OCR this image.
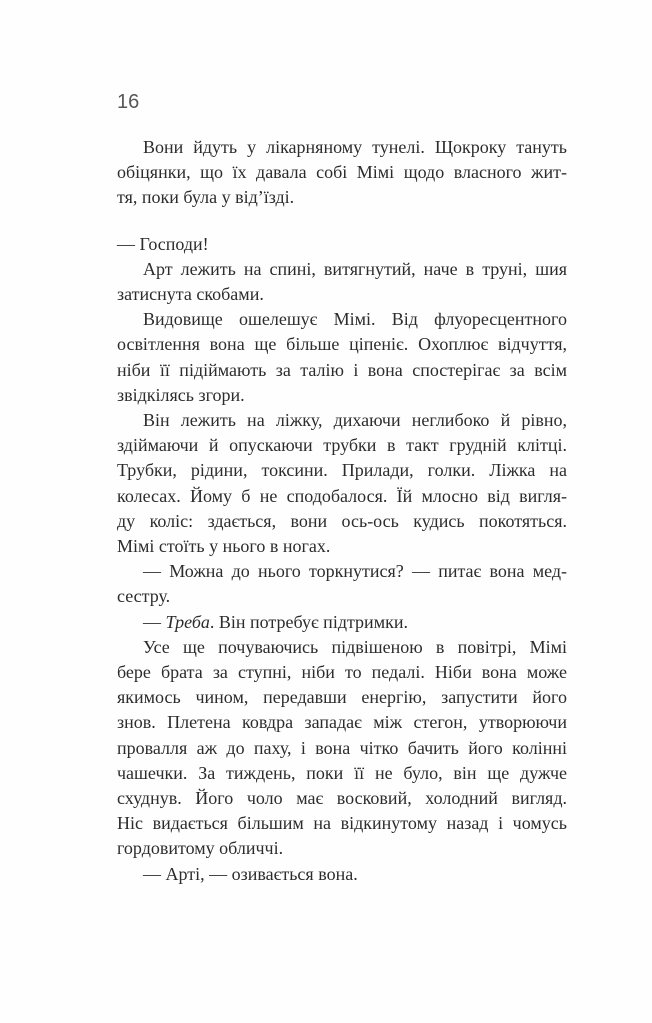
16
Вони йдуть у лікарняному тунелі. Щокроку тануть
обіцянки, що їх давала собі Мімі щодо власного жит-
тя, поки була у від’їзді.
— Господи!
Арт лежить на спині, витягнутий, наче в труні, шия
затиснута скобами.
Видовище ошелешує Мімі. Від флуоресцентного
освітлення вона ще більше ціпеніє. Охоплює відчуття,
ніби її підіймають за талію і вона спостерігає за всім
звідкілясь згори.
Він лежить на ліжку, дихаючи неглибоко й рівно,
здіймаючи й опускаючи трубки в такт грудній клітці.
Трубки, рідини, токсини. Прилади, голки. Ліжка на
колесах. Йому б не сподобалося. Їй млосно від вигля-
ду коліс: здається, вони ось-ось кудись покотяться.
Мімі стоїть у нього в ногах.
— Можна до нього торкнутися? — питає вона мед-
сестру.
— Треба. Він потребує підтримки.
Усе ще почуваючись підвішеною в повітрі, Мімі
бере брата за ступні, ніби то педалі. Ніби вона може
якимось чином, передавши енергію, запустити його
знов. Плетена ковдра западає між стегон, утворюючи
провалля аж до паху, і вона чітко бачить його колінні
чашечки. За тиждень, поки її не було, він ще дужче
схуднув. Його чоло має восковий, холодний вигляд.
Ніс видається більшим на відкинутому назад і чомусь
гордовитому обличчі.
— Арті, — озивається вона.
